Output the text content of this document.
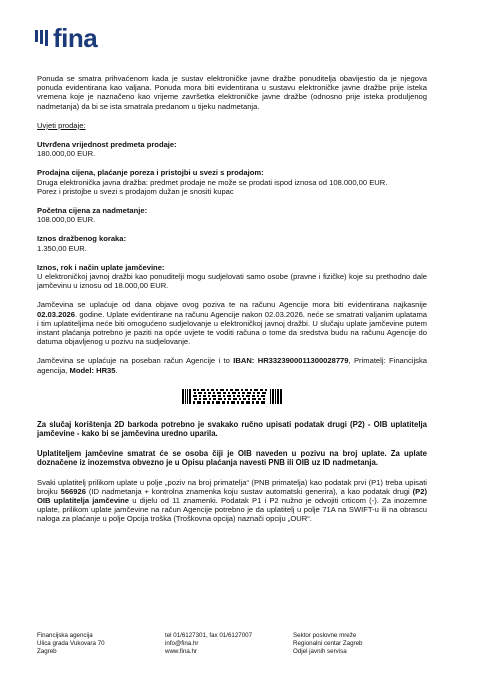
fina

Ponuda se smatra prihvaćenom kada je sustav elektroničke javne dražbe ponuditelja obavijestio da je njegova ponuda evidentirana kao valjana. Ponuda mora biti evidentirana u sustavu elektroničke javne dražbe prije isteka vremena koje je naznačeno kao vrijeme završetka elektroničke javne dražbe (odnosno prije isteka produljenog nadmetanja) da bi se ista smatrala predanom u tijeku nadmetanja.

Uvjeti prodaje:

Utvrđena vrijednost predmeta prodaje:

180.000,00 EUR.

Prodajna cijena, plaćanje poreza i pristojbi u svezi s prodajom:

Druga elektronička javna dražba: predmet prodaje ne može se prodati ispod iznosa od 108.000,00 EUR.

Porez i pristojbe u svezi s prodajom dužan je snositi kupac

Početna cijena za nadmetanje:

108.000,00 EUR.

Iznos dražbenog koraka:

1.350,00 EUR.

Iznos, rok i način uplate jamčevine:

U elektroničkoj javnoj dražbi kao ponuditelji mogu sudjelovati samo osobe (pravne i fizičke) koje su prethodno dale jamčevinu u iznosu od 18.000,00 EUR.

Jamčevina se uplaćuje od dana objave ovog poziva te na računu Agencije mora biti evidentirana najkasnije 02.03.2026. godine. Uplate evidentirane na računu Agencije nakon 02.03.2026. neće se smatrati valjanim uplatama i tim uplatiteljima neće biti omogućeno sudjelovanje u elektroničkoj javnoj dražbi. U slučaju uplate jamčevine putem instant plaćanja potrebno je paziti na opće uvjete te voditi računa o tome da sredstva budu na računu Agencije do datuma objavljenog u pozivu na sudjelovanje.

Jamčevina se uplaćuje na poseban račun Agencije i to IBAN: HR3323900011300028779, Primatelj: Financijska agencija, Model: HR35.

Za slučaj korištenja 2D barkoda potrebno je svakako ručno upisati podatak drugi (P2) - OIB uplatitelja jamčevine - kako bi se jamčevina uredno uparila.

Uplatiteljem jamčevine smatrat će se osoba čiji je OIB naveden u pozivu na broj uplate. Za uplate doznačene iz inozemstva obvezno je u Opisu plaćanja navesti PNB ili OIB uz ID nadmetanja.

Svaki uplatitelj prilikom uplate u polje „poziv na broj primatelja“ (PNB primatelja) kao podatak prvi (P1) treba upisati brojku 566926 (ID nadmetanja + kontrolna znamenka koju sustav automatski generira), a kao podatak drugi (P2) OIB uplatitelja jamčevine u dijelu od 11 znamenki. Podatak P1 i P2 nužno je odvojiti crticom (-). Za inozemne uplate, prilikom uplate jamčevine na račun Agencije potrebno je da uplatitelj u polje 71A na SWIFT-u ili na obrascu naloga za plaćanje u polje Opcija troška (Troškovna opcija) naznači opciju „OUR“.

Financijska agencija
Ulica grada Vukovara 70
Zagreb
tel 01/6127301, fax 01/6127007
info@fina.hr
www.fina.hr
Sektor poslovne mreže
Regionalni centar Zagreb
Odjel javnih servisa
